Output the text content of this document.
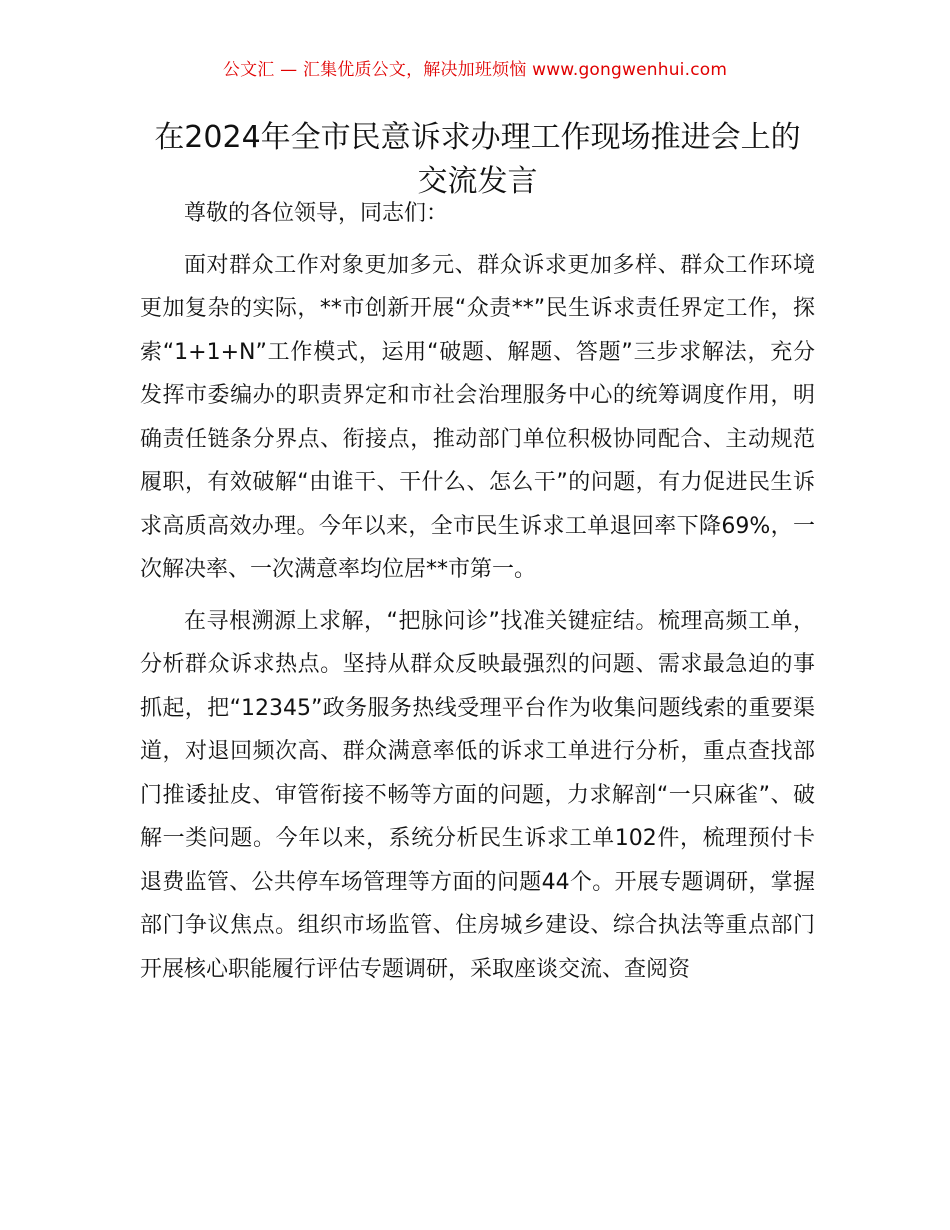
公文汇 — 汇集优质公文，解决加班烦恼 www.gongwenhui.com
在2024年全市民意诉求办理工作现场推进会上的交流发言

尊敬的各位领导，同志们：

面对群众工作对象更加多元、群众诉求更加多样、群众工作环境更加复杂的实际，**市创新开展“众责**”民生诉求责任界定工作，探索“1+1+N”工作模式，运用“破题、解题、答题”三步求解法，充分发挥市委编办的职责界定和市社会治理服务中心的统筹调度作用，明确责任链条分界点、衔接点，推动部门单位积极协同配合、主动规范履职，有效破解“由谁干、干什么、怎么干”的问题，有力促进民生诉求高质高效办理。今年以来，全市民生诉求工单退回率下降69%，一次解决率、一次满意率均位居**市第一。

在寻根溯源上求解，“把脉问诊”找准关键症结。梳理高频工单，分析群众诉求热点。坚持从群众反映最强烈的问题、需求最急迫的事抓起，把“12345”政务服务热线受理平台作为收集问题线索的重要渠道，对退回频次高、群众满意率低的诉求工单进行分析，重点查找部门推诿扯皮、审管衔接不畅等方面的问题，力求解剖“一只麻雀”、破解一类问题。今年以来，系统分析民生诉求工单102件，梳理预付卡退费监管、公共停车场管理等方面的问题44个。开展专题调研，掌握部门争议焦点。组织市场监管、住房城乡建设、综合执法等重点部门开展核心职能履行评估专题调研，采取座谈交流、查阅资
